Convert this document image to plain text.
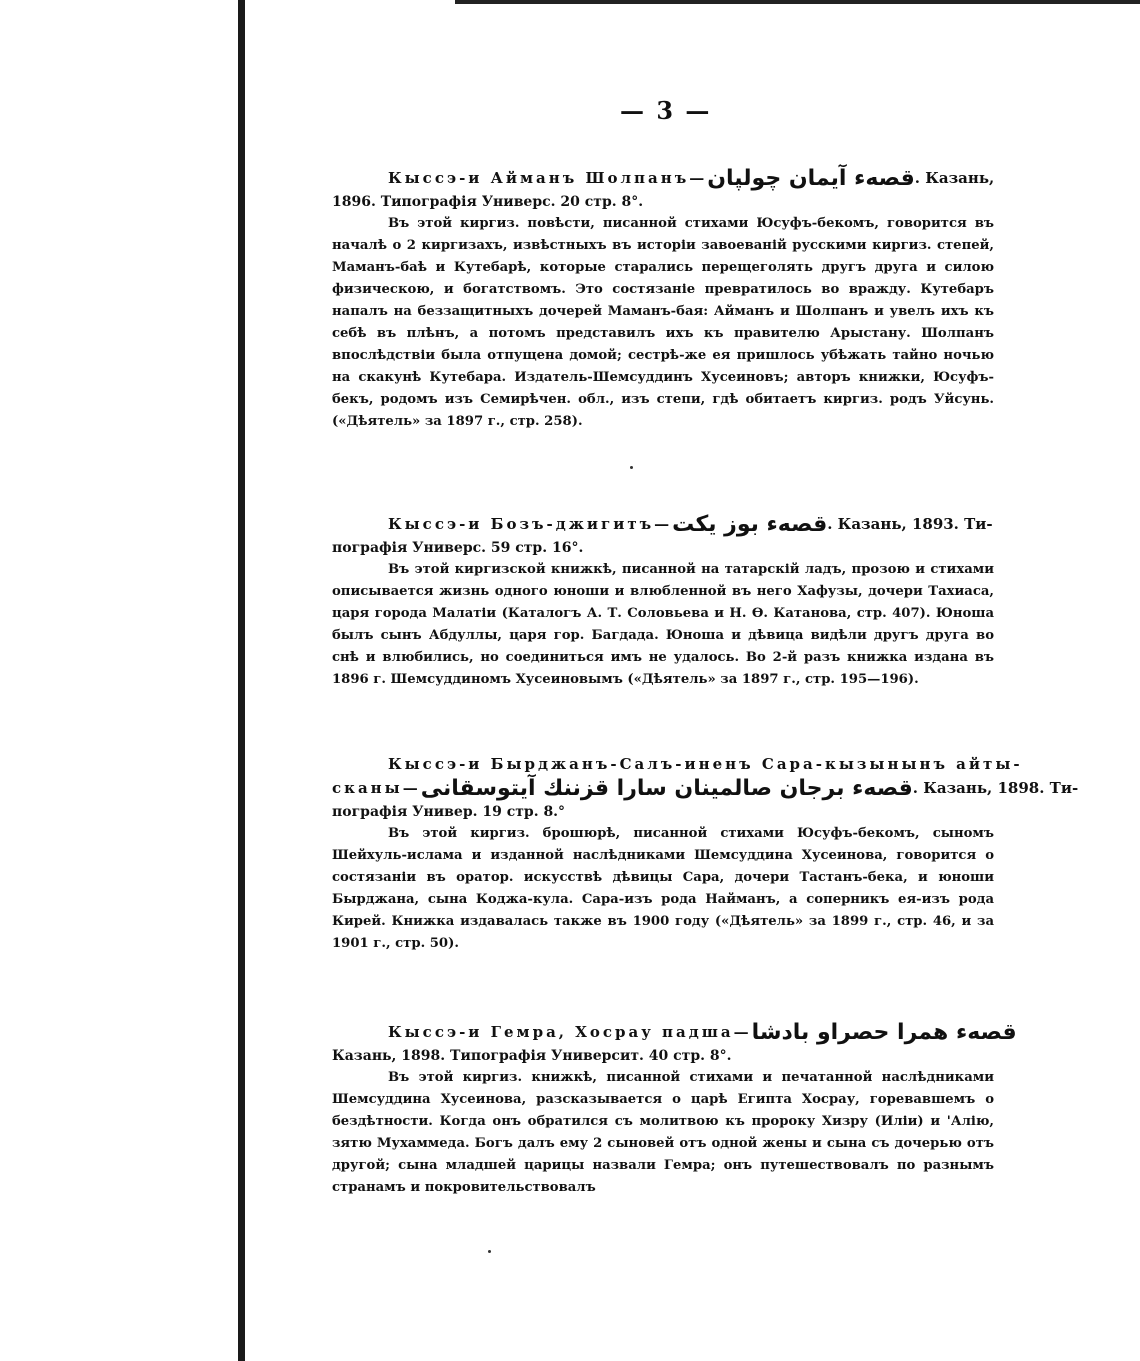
— 3 —
Кыссэ-и Айманъ Шолпанъ—قصهء آیمان چولپان. Казань,
1896. Типографія Универс. 20 стр. 8°.
Въ этой киргиз. повѣсти, писанной стихами Юсуфъ-бекомъ, говорится въ началѣ о 2 киргизахъ, извѣстныхъ въ исторіи завоеваній русскими киргиз. степей, Маманъ-баѣ и Кутебарѣ, которые старались перещеголять другъ друга и силою физическою, и богатствомъ. Это состязаніе превратилось во вражду. Кутебаръ напалъ на беззащитныхъ дочерей Маманъ-бая: Айманъ и Шолпанъ и увелъ ихъ къ себѣ въ плѣнъ, а потомъ представилъ ихъ къ правителю Арыстану. Шолпанъ впослѣдствіи была отпущена домой; сестрѣ-же ея пришлось убѣжать тайно ночью на скакунѣ Кутебара. Издатель-Шемсуддинъ Хусеиновъ; авторъ книжки, Юсуфъ-бекъ, родомъ изъ Семирѣчен. обл., изъ степи, гдѣ обитаетъ киргиз. родъ Уйсунь. («Дѣятель» за 1897 г., стр. 258).
Кыссэ-и Бозъ-джигитъ—قصهء بوز یکت. Казань, 1893. Ти-
пографія Универс. 59 стр. 16°.
Въ этой киргизской книжкѣ, писанной на татарскій ладъ, прозою и стихами описывается жизнь одного юноши и влюбленной въ него Хафузы, дочери Тахиаса, царя города Малатіи (Каталогъ А. Т. Соловьева и Н. Ѳ. Катанова, стр. 407). Юноша былъ сынъ Абдуллы, царя гор. Багдада. Юноша и дѣвица видѣли другъ друга во снѣ и влюбились, но соединиться имъ не удалось. Во 2-й разъ книжка издана въ 1896 г. Шемсуддиномъ Хусеиновымъ («Дѣятель» за 1897 г., стр. 195—196).
Кыссэ-и Бырджанъ-Салъ-иненъ Сара-кызынынъ айты-
сканы—قصهء برجان صالمینان سارا قزننك آیتوسقانی. Казань, 1898. Ти-
пографія Универ. 19 стр. 8.°
Въ этой киргиз. брошюрѣ, писанной стихами Юсуфъ-бекомъ, сыномъ Шейхуль-ислама и изданной наслѣдниками Шемсуддина Хусеинова, говорится о состязаніи въ оратор. искусствѣ дѣвицы Сара, дочери Тастанъ-бека, и юноши Бырджана, сына Коджа-кула. Сара-изъ рода Найманъ, а соперникъ ея-изъ рода Кирей. Книжка издавалась также въ 1900 году («Дѣятель» за 1899 г., стр. 46, и за 1901 г., стр. 50).
Кыссэ-и Гемра, Хосрау падша—قصهء همرا حصراو بادشا
Казань, 1898. Типографія Университ. 40 стр. 8°.
Въ этой киргиз. книжкѣ, писанной стихами и печатанной наслѣдниками Шемсуддина Хусеинова, разсказывается о царѣ Египта Хосрау, горевавшемъ о бездѣтности. Когда онъ обратился съ молитвою къ пророку Хизру (Иліи) и 'Алію, зятю Мухаммеда. Богъ далъ ему 2 сыновей отъ одной жены и сына съ дочерью отъ другой; сына младшей царицы назвали Гемра; онъ путешествовалъ по разнымъ странамъ и покровительствовалъ
